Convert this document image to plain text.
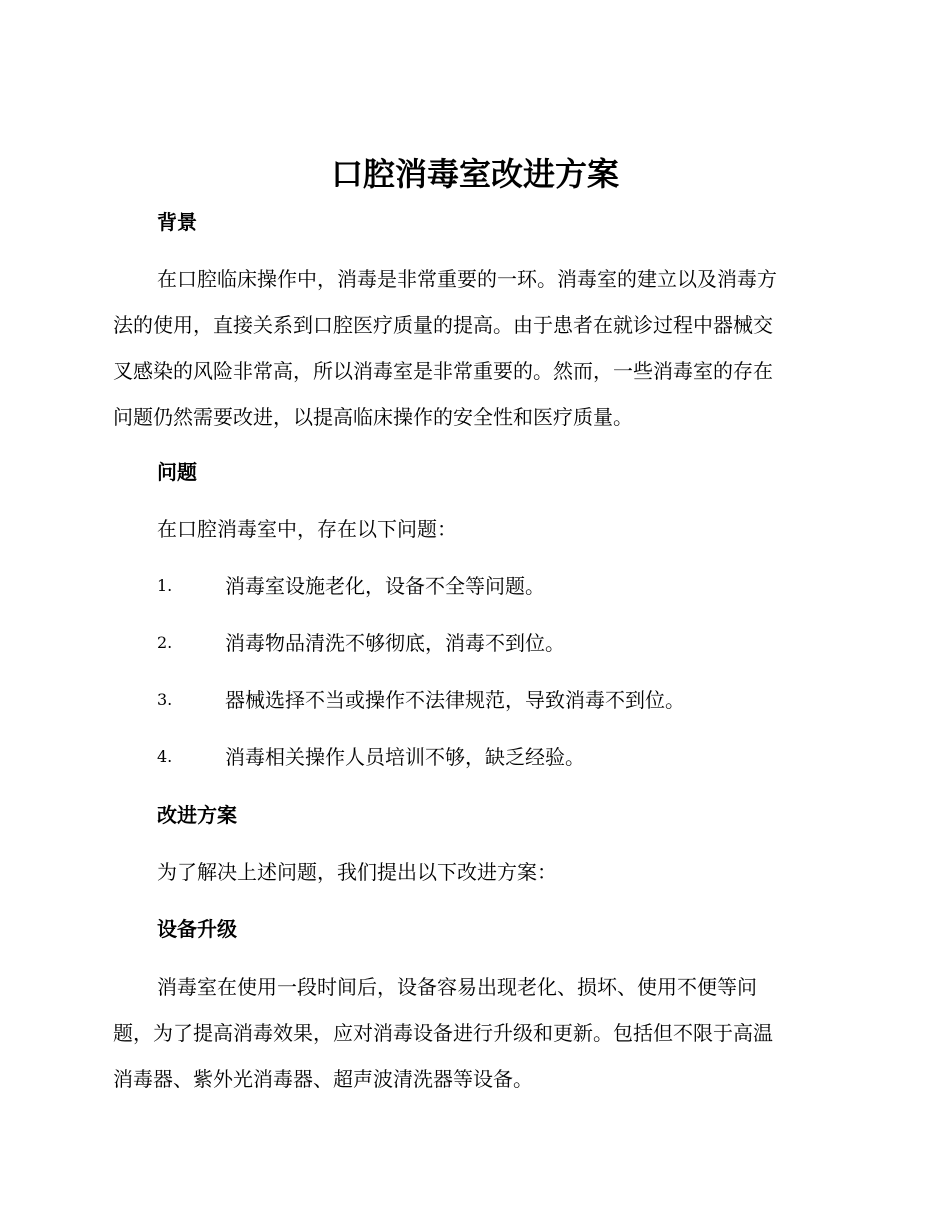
口腔消毒室改进方案
背景
在口腔临床操作中，消毒是非常重要的一环。消毒室的建立以及消毒方
法的使用，直接关系到口腔医疗质量的提高。由于患者在就诊过程中器械交
叉感染的风险非常高，所以消毒室是非常重要的。然而，一些消毒室的存在
问题仍然需要改进，以提高临床操作的安全性和医疗质量。
问题
在口腔消毒室中，存在以下问题：
1.	消毒室设施老化，设备不全等问题。
2.	消毒物品清洗不够彻底，消毒不到位。
3.	器械选择不当或操作不法律规范，导致消毒不到位。
4.	消毒相关操作人员培训不够，缺乏经验。
改进方案
为了解决上述问题，我们提出以下改进方案：
设备升级
消毒室在使用一段时间后，设备容易出现老化、损坏、使用不便等问
题，为了提高消毒效果，应对消毒设备进行升级和更新。包括但不限于高温
消毒器、紫外光消毒器、超声波清洗器等设备。
